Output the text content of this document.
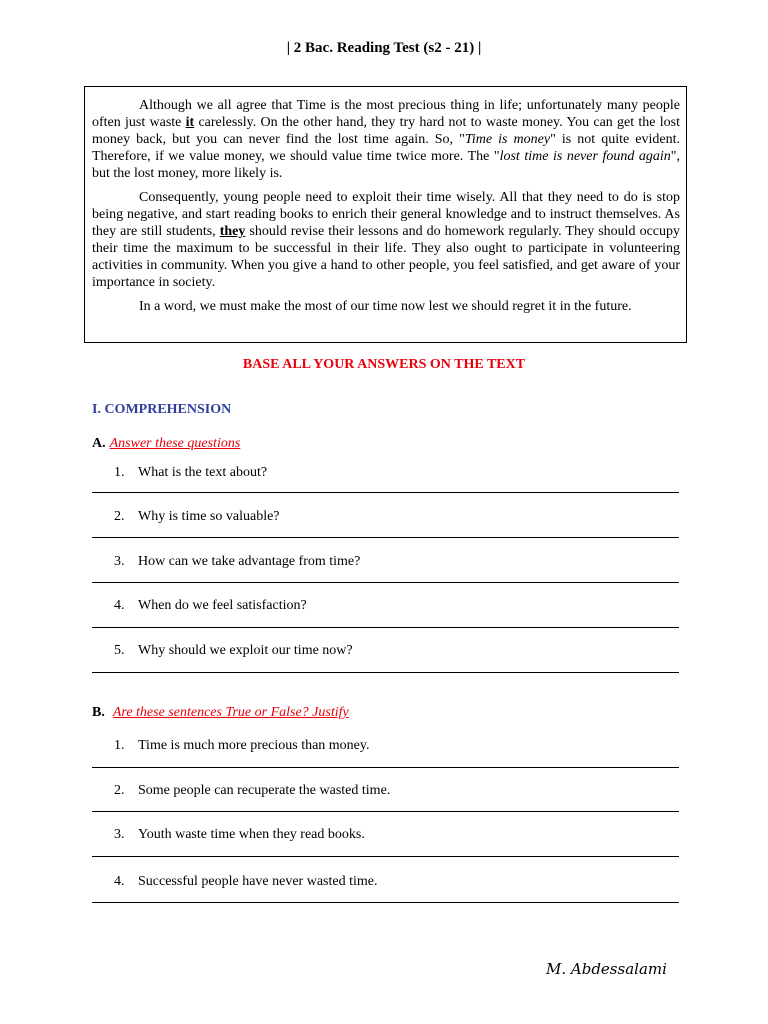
| 2 Bac. Reading Test (s2 - 21) |

Although we all agree that Time is the most precious thing in life; unfortunately many people often just waste it carelessly. On the other hand, they try hard not to waste money. You can get the lost money back, but you can never find the lost time again. So, "Time is money" is not quite evident. Therefore, if we value money, we should value time twice more. The "lost time is never found again", but the lost money, more likely is.

Consequently, young people need to exploit their time wisely. All that they need to do is stop being negative, and start reading books to enrich their general knowledge and to instruct themselves. As they are still students, they should revise their lessons and do homework regularly. They should occupy their time the maximum to be successful in their life. They also ought to participate in volunteering activities in community. When you give a hand to other people, you feel satisfied, and get aware of your importance in society.

In a word, we must make the most of our time now lest we should regret it in the future.

BASE ALL YOUR ANSWERS ON THE TEXT
I. COMPREHENSION
A. Answer these questions
1. What is the text about?
2. Why is time so valuable?
3. How can we take advantage from time?
4. When do we feel satisfaction?
5. Why should we exploit our time now?
B. Are these sentences True or False? Justify
1. Time is much more precious than money.
2. Some people can recuperate the wasted time.
3. Youth waste time when they read books.
4. Successful people have never wasted time.
M. Abdessalami
